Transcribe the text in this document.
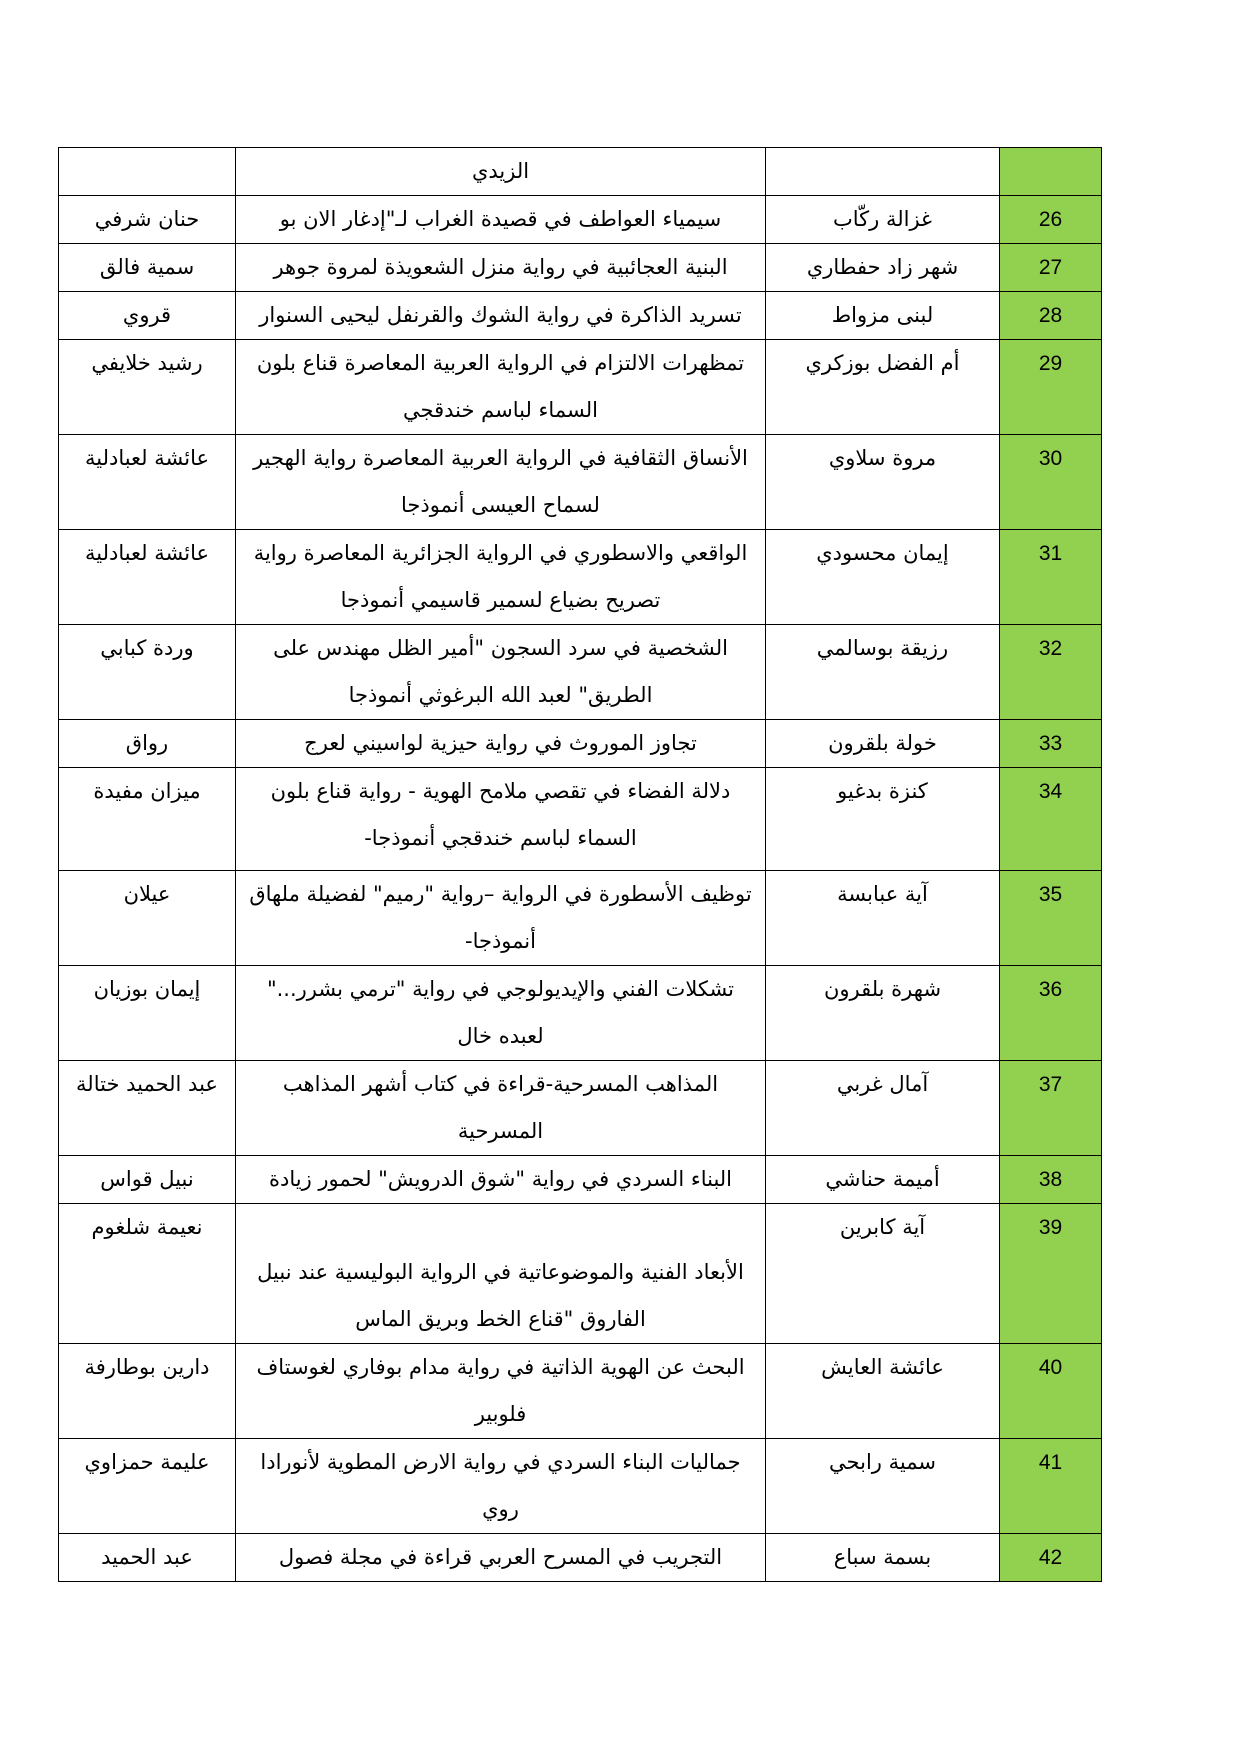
	الزيدي		
حنان شرفي	سيمياء العواطف في قصيدة الغراب لـ"إدغار الان بو	غزالة ركّاب	26
سمية فالق	البنية العجائبية في رواية منزل الشعويذة لمروة جوهر	شهر زاد حفطاري	27
قروي	تسريد الذاكرة في رواية الشوك والقرنفل ليحيى السنوار	لبنى مزواط	28
رشيد خلايفي	تمظهرات الالتزام في الرواية العربية المعاصرة قناع بلون السماء لباسم خندقجي	أم الفضل بوزكري	29
عائشة لعبادلية	الأنساق الثقافية في الرواية العربية المعاصرة رواية الهجير لسماح العيسى أنموذجا	مروة سلاوي	30
عائشة لعبادلية	الواقعي والاسطوري في الرواية الجزائرية المعاصرة رواية تصريح بضياع لسمير قاسيمي أنموذجا	إيمان محسودي	31
وردة كبابي	الشخصية في سرد السجون "أمير الظل مهندس على الطريق" لعبد الله البرغوثي أنموذجا	رزيقة بوسالمي	32
رواق	تجاوز الموروث في رواية حيزية لواسيني لعرج	خولة بلقرون	33
ميزان مفيدة	دلالة الفضاء في تقصي ملامح الهوية - رواية قناع بلون السماء لباسم خندقجي أنموذجا-	كنزة بدغيو	34
عيلان	توظيف الأسطورة في الرواية –رواية "رميم" لفضيلة ملهاق أنموذجا-	آية عبابسة	35
إيمان بوزيان	تشكلات الفني والإيديولوجي في رواية "ترمي بشرر..." لعبده خال	شهرة بلقرون	36
عبد الحميد ختالة	المذاهب المسرحية-قراءة في كتاب أشهر المذاهب المسرحية	آمال غربي	37
نبيل قواس	البناء السردي في رواية "شوق الدرويش" لحمور زيادة	أميمة حناشي	38
نعيمة شلغوم	الأبعاد الفنية والموضوعاتية في الرواية البوليسية عند نبيل الفاروق "قناع الخط وبريق الماس	آية كابرين	39
دارين بوطارفة	البحث عن الهوية الذاتية في رواية مدام بوفاري لغوستاف فلوبير	عائشة العايش	40
عليمة حمزاوي	جماليات البناء السردي في رواية الارض المطوية لأنورادا روي	سمية رابحي	41
عبد الحميد	التجريب في المسرح العربي قراءة في مجلة فصول	بسمة سباع	42
